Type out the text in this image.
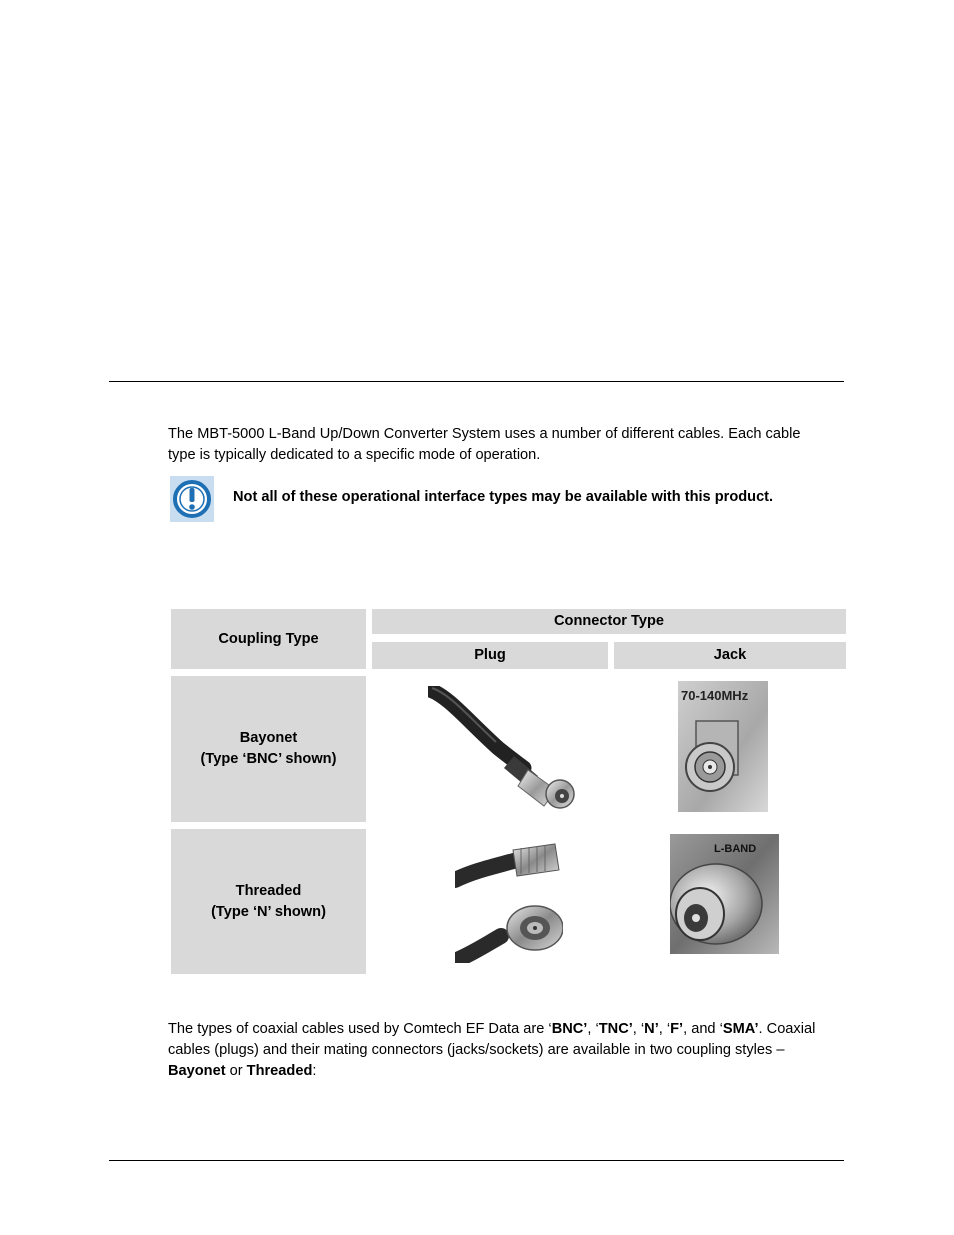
The MBT-5000 L-Band Up/Down Converter System uses a number of different cables. Each cable
type is typically dedicated to a specific mode of operation.
Not all of these operational interface types may be available with this product.
Coupling Type
Connector Type
Plug	Jack
Bayonet
(Type ‘BNC’ shown)
Threaded
(Type ‘N’ shown)
70-140MHz
L-BAND
The types of coaxial cables used by Comtech EF Data are ‘BNC’, ‘TNC’, ‘N’, ‘F’, and ‘SMA’. Coaxial
cables (plugs) and their mating connectors (jacks/sockets) are available in two coupling styles –
Bayonet or Threaded:
